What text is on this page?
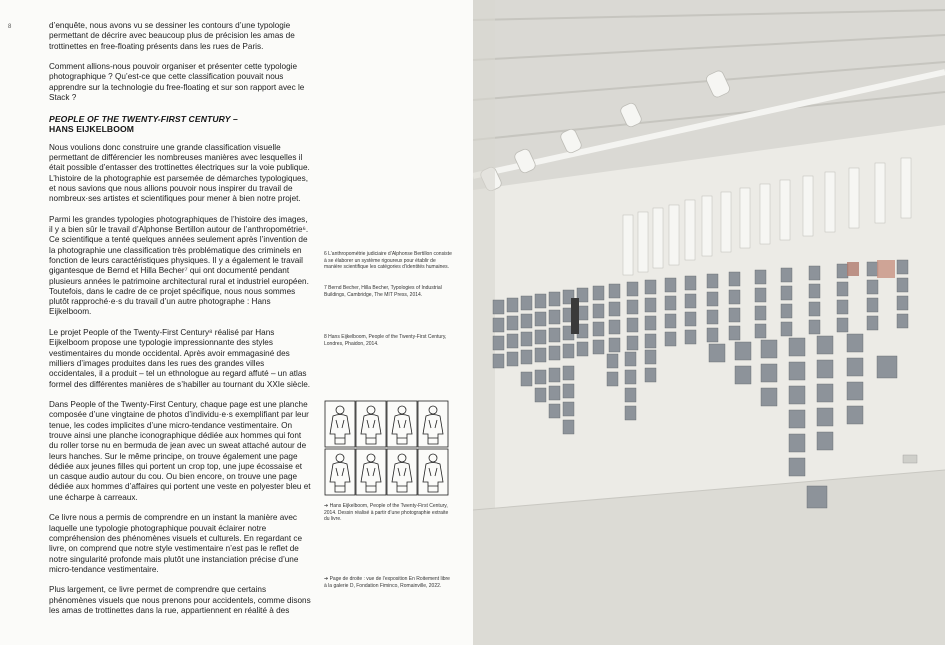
8	d’enquête, nous avons vu se dessiner les contours d’une typologie permettant de décrire avec beaucoup plus de précision les amas de trottinettes en free-floating présents dans les rues de Paris.

Comment allions-nous pouvoir organiser et présenter cette typologie photographique ? Qu’est-ce que cette classification pouvait nous apprendre sur la technologie du free-floating et sur son rapport avec le Stack ?

PEOPLE OF THE TWENTY-FIRST CENTURY –
HANS EIJKELBOOM

Nous voulions donc construire une grande classification visuelle permettant de différencier les nombreuses manières avec lesquelles il était possible d’entasser des trottinettes électriques sur la voie publique. L’histoire de la photographie est parsemée de démarches typologiques, et nous savions que nous allions pouvoir nous inspirer du travail de nombreux·ses artistes et scientifiques pour mener à bien notre projet.

Parmi les grandes typologies photographiques de l’histoire des images, il y a bien sûr le travail d’Alphonse Bertillon autour de l’anthropométrie⁶. Ce scientifique a tenté quelques années seulement après l’invention de la photographie une classification très problématique des criminels en fonction de leurs caractéristiques physiques. Il y a également le travail gigantesque de Bernd et Hilla Becher⁷ qui ont documenté pendant plusieurs années le patrimoine architectural rural et industriel européen. Toutefois, dans le cadre de ce projet spécifique, nous nous sommes plutôt rapproché·e·s du travail d’un autre photographe : Hans Eijkelboom.

Le projet People of the Twenty-First Century⁸ réalisé par Hans Eijkelboom propose une typologie impressionnante des styles vestimentaires du monde occidental. Après avoir emmagasiné des milliers d’images produites dans les rues des grandes villes occidentales, il a produit – tel un ethnologue au regard affuté – un atlas formel des différentes manières de s’habiller au tournant du XXIe siècle.

Dans People of the Twenty-First Century, chaque page est une planche composée d’une vingtaine de photos d’individu·e·s exemplifiant par leur tenue, les codes implicites d’une micro-tendance vestimentaire. On trouve ainsi une planche iconographique dédiée aux hommes qui font du roller torse nu en bermuda de jean avec un sweat attaché autour de leurs hanches. Sur le même principe, on trouve également une page dédiée aux jeunes filles qui portent un crop top, une jupe écossaise et un casque audio autour du cou. Ou bien encore, on trouve une page dédiée aux hommes d’affaires qui portent une veste en polyester bleu et une écharpe à carreaux.

Ce livre nous a permis de comprendre en un instant la manière avec laquelle une typologie photographique pouvait éclairer notre compréhension des phénomènes visuels et culturels. En regardant ce livre, on comprend que notre style vestimentaire n’est pas le reflet de notre singularité profonde mais plutôt une instanciation précise d’une micro-tendance vestimentaire.

Plus largement, ce livre permet de comprendre que certains phénomènes visuels que nous prenons pour accidentels, comme disons les amas de trottinettes dans la rue, appartiennent en réalité à des

6 L’anthropométrie judiciaire d’Alphonse Bertillon consiste à se élaborer un système rigoureux pour établir de manière scientifique les catégories d’identités humaines.
7 Bernd Becher, Hilla Becher, Typologies of Industrial Buildings, Cambridge, The MIT Press, 2014.
8 Hans Eijkelboom, People of the Twenty-First Century, Londres, Phaidon, 2014.
➔ Hans Eijkelboom, People of the Twenty-First Century, 2014. Dessin réalisé à partir d’une photographie extraite du livre.
➔ Page de droite : vue de l’exposition En Roitement libre à la galerie D, Fondation Fiminco, Romainville, 2022.
